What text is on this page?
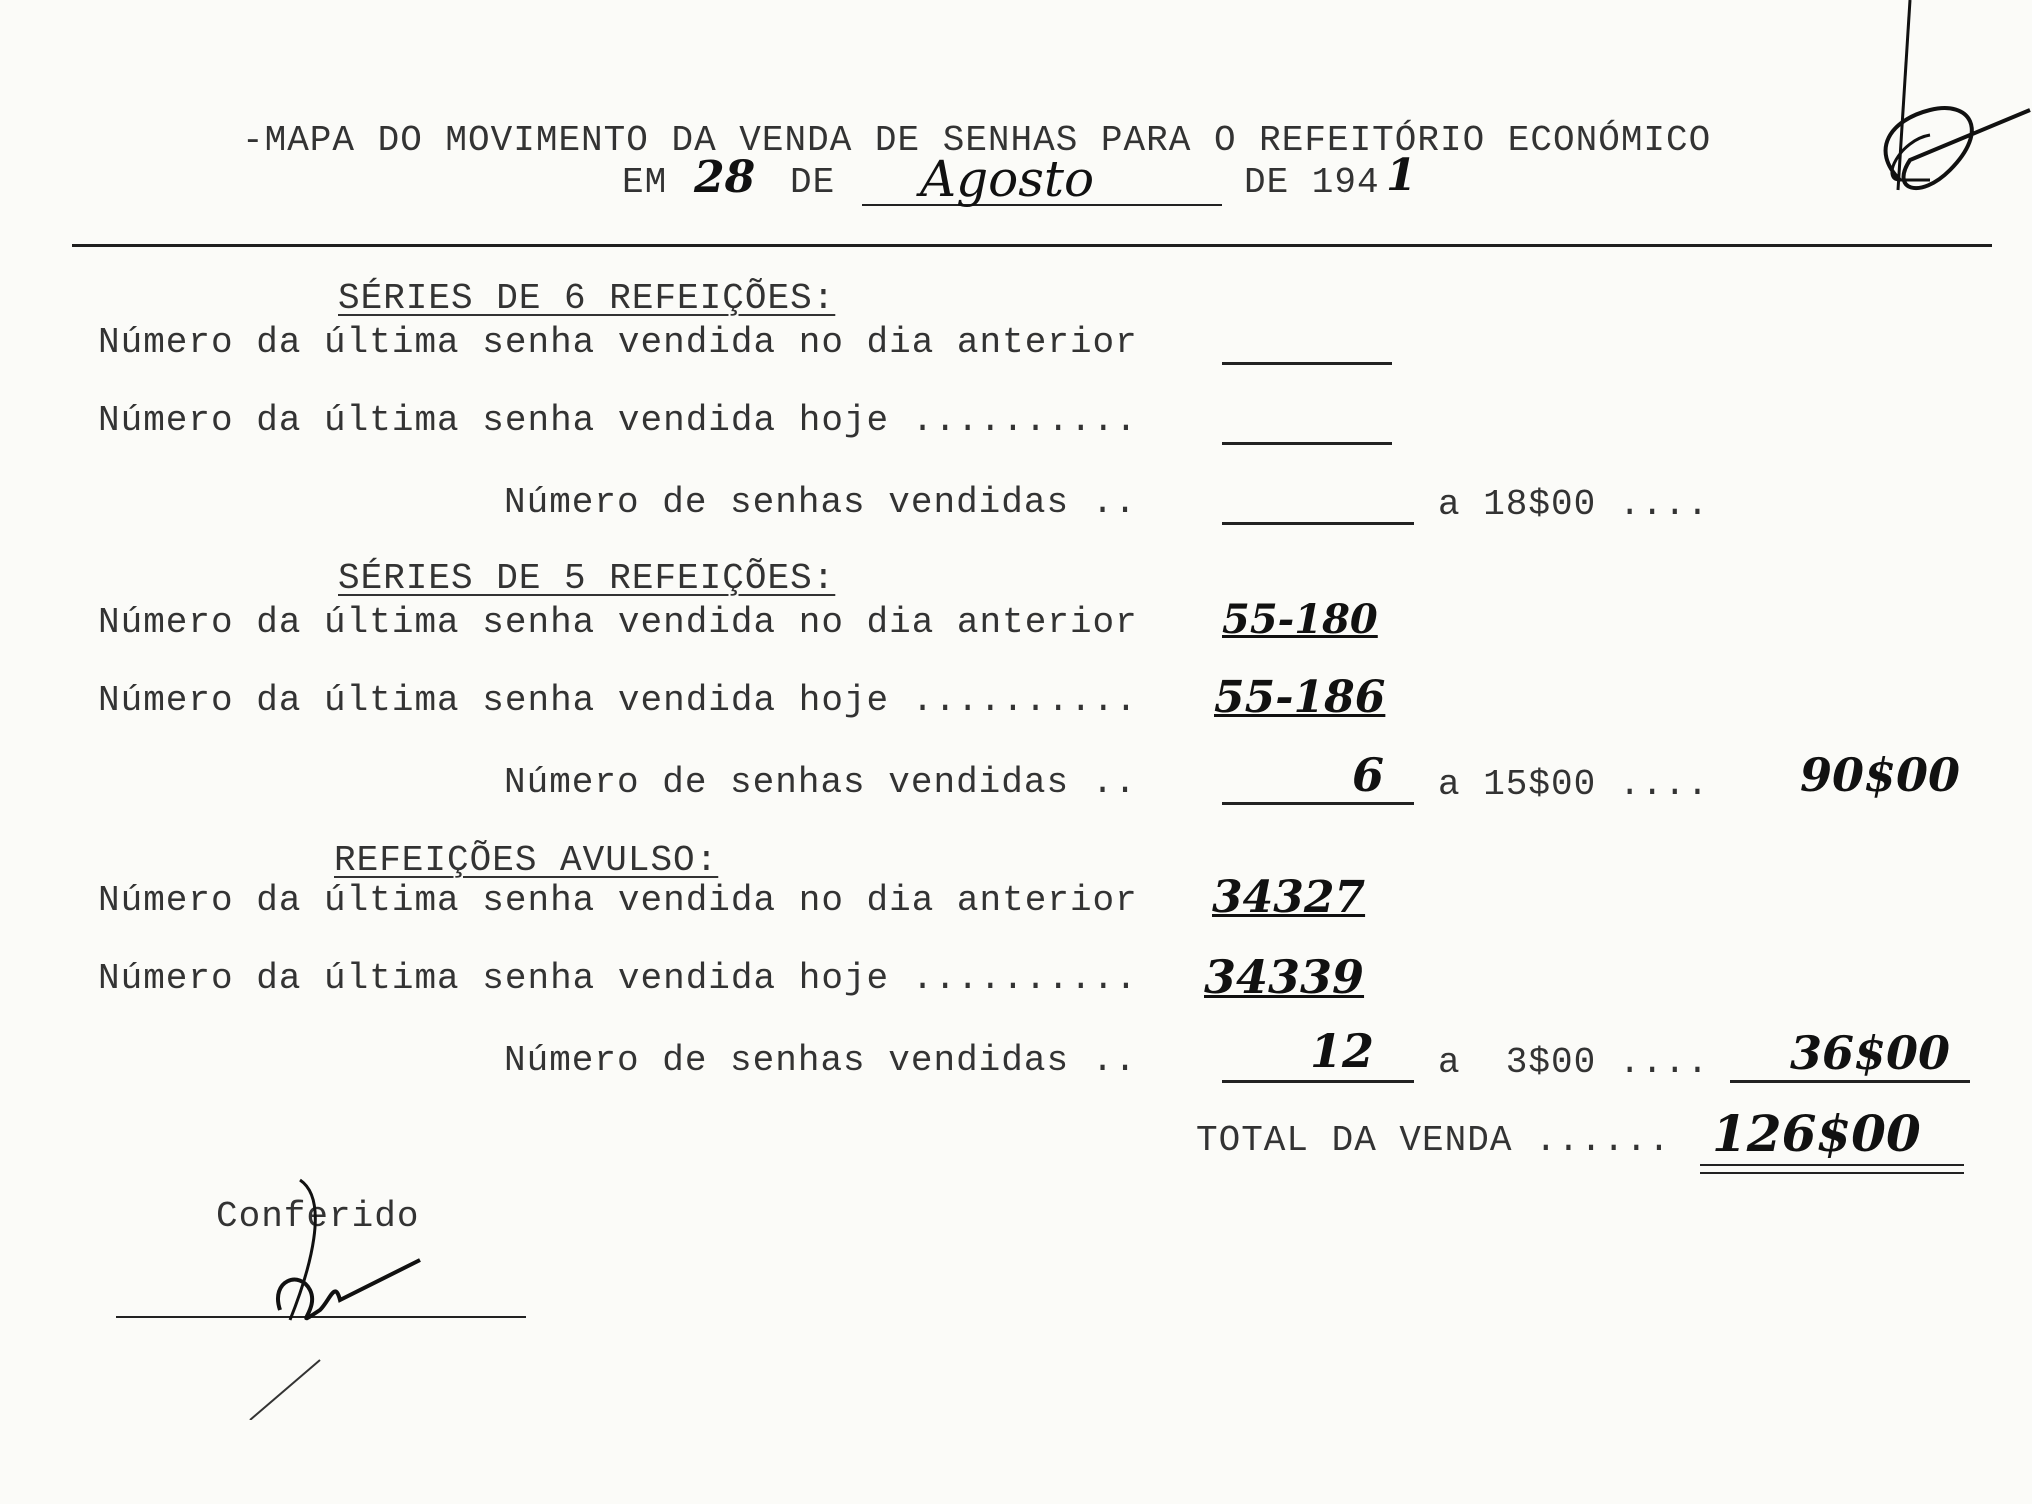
-MAPA DO MOVIMENTO DA VENDA DE SENHAS PARA O REFEITÓRIO ECONÓMICO
EM 28 DE Agosto	DE 194 1
SÉRIES DE 6 REFEIÇÕES:
Número da última senha vendida no dia anterior
Número da última senha vendida hoje ..........
Número de senhas vendidas ..	a 18$00 ....
SÉRIES DE 5 REFEIÇÕES:
Número da última senha vendida no dia anterior 55-180
Número da última senha vendida hoje .......... 55-186
Número de senhas vendidas ..	6 a 15$00 .... 90$00
REFEIÇÕES AVULSO:
Número da última senha vendida no dia anterior 34327
Número da última senha vendida hoje .......... 34339
Número de senhas vendidas ..	12 a  3$00 .... 36$00
TOTAL DA VENDA ...... 126$00
Conferido
